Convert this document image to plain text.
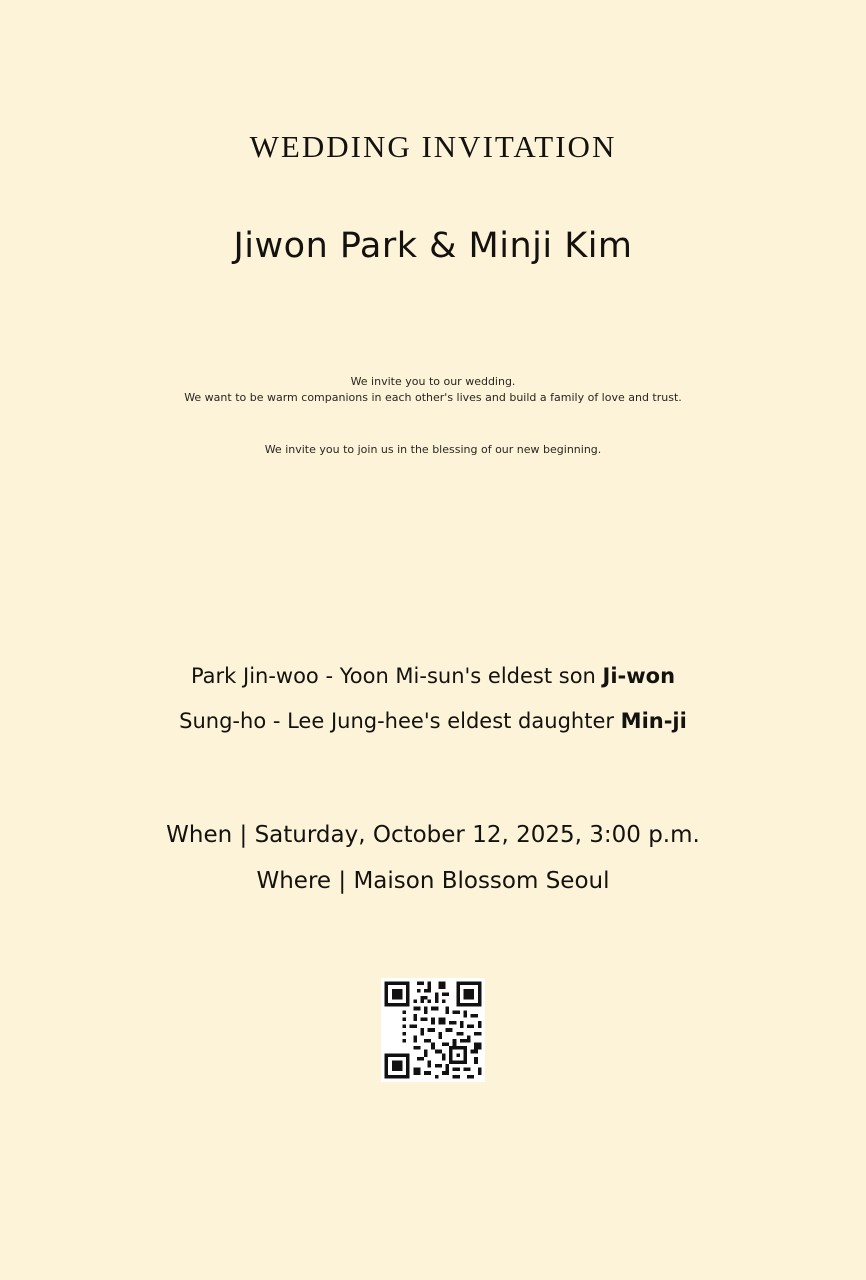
WEDDING INVITATION
Jiwon Park & Minji Kim
We invite you to our wedding.
We want to be warm companions in each other's lives and build a family of love and trust.
We invite you to join us in the blessing of our new beginning.
Park Jin-woo - Yoon Mi-sun's eldest son Ji-won
Sung-ho - Lee Jung-hee's eldest daughter Min-ji
When | Saturday, October 12, 2025, 3:00 p.m.
Where | Maison Blossom Seoul
